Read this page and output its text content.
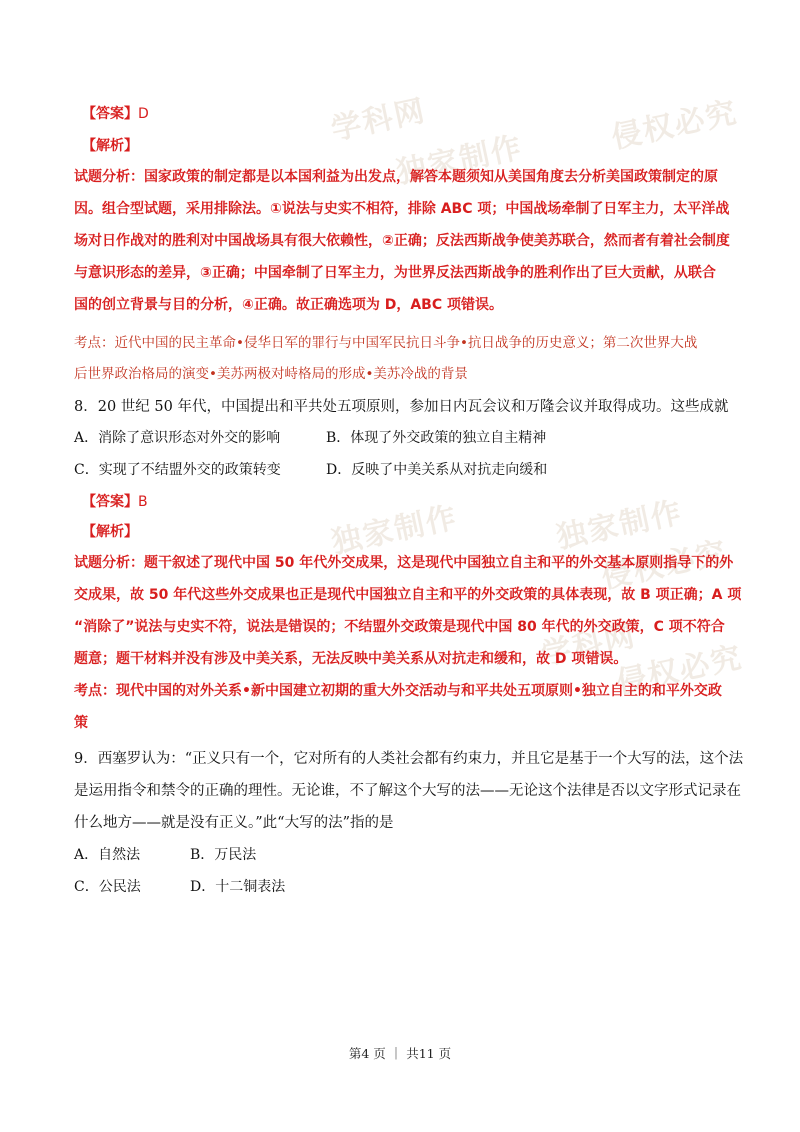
学科网	侵权必究
独家制作
独家制作
侵权必究
学科网
独家制作
侵权必究
【答案】D
【解析】
试题分析：国家政策的制定都是以本国利益为出发点，解答本题须知从美国角度去分析美国政策制定的原
因。组合型试题，采用排除法。①说法与史实不相符，排除 ABC 项；中国战场牵制了日军主力，太平洋战
场对日作战对的胜利对中国战场具有很大依赖性，②正确；反法西斯战争使美苏联合，然而者有着社会制度
与意识形态的差异，③正确；中国牵制了日军主力，为世界反法西斯战争的胜利作出了巨大贡献，从联合
国的创立背景与目的分析，④正确。故正确选项为 D，ABC 项错误。
考点：近代中国的民主革命•侵华日军的罪行与中国军民抗日斗争•抗日战争的历史意义；第二次世界大战
后世界政治格局的演变•美苏两极对峙格局的形成•美苏冷战的背景
8．20 世纪 50 年代，中国提出和平共处五项原则，参加日内瓦会议和万隆会议并取得成功。这些成就
A．消除了意识形态对外交的影响	B．体现了外交政策的独立自主精神
C．实现了不结盟外交的政策转变	D．反映了中美关系从对抗走向缓和
【答案】B
【解析】
试题分析：题干叙述了现代中国 50 年代外交成果，这是现代中国独立自主和平的外交基本原则指导下的外
交成果，故 50 年代这些外交成果也正是现代中国独立自主和平的外交政策的具体表现，故 B 项正确；A 项
“消除了”说法与史实不符，说法是错误的；不结盟外交政策是现代中国 80 年代的外交政策，C 项不符合
题意；题干材料并没有涉及中美关系，无法反映中美关系从对抗走和缓和，故 D 项错误。
考点：现代中国的对外关系•新中国建立初期的重大外交活动与和平共处五项原则•独立自主的和平外交政
策
9．西塞罗认为：“正义只有一个，它对所有的人类社会都有约束力，并且它是基于一个大写的法，这个法
是运用指令和禁令的正确的理性。无论谁，不了解这个大写的法——无论这个法律是否以文字形式记录在
什么地方——就是没有正义。”此“大写的法”指的是
A．自然法	B．万民法
C．公民法	D．十二铜表法
第4 页 ｜ 共11 页
